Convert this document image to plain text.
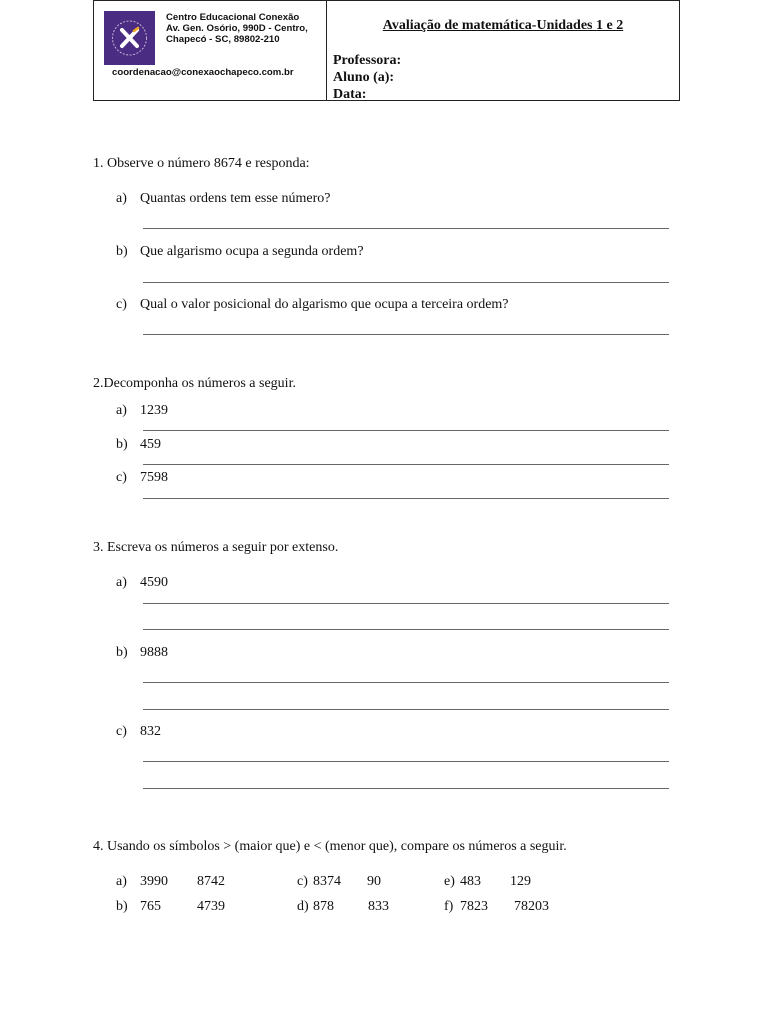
Centro Educacional Conexão
Av. Gen. Osório, 990D - Centro,
Chapecó - SC, 89802-210
coordenacao@conexaochapeco.com.br
Avaliação de matemática-Unidades 1 e 2
Professora:
Aluno (a):
Data:
1. Observe o número 8674 e responda:
a) Quantas ordens tem esse número?
b) Que algarismo ocupa a segunda ordem?
c) Qual o valor posicional do algarismo que ocupa a terceira ordem?
2.Decomponha os números a seguir.
a) 1239
b) 459
c) 7598
3. Escreva os números a seguir por extenso.
a) 4590
b) 9888
c) 832
4. Usando os símbolos > (maior que) e < (menor que), compare os números a seguir.
a) 3990 8742
b) 765	4739
c) 8374 90
d) 878 833
e) 483 129
f) 7823 78203
